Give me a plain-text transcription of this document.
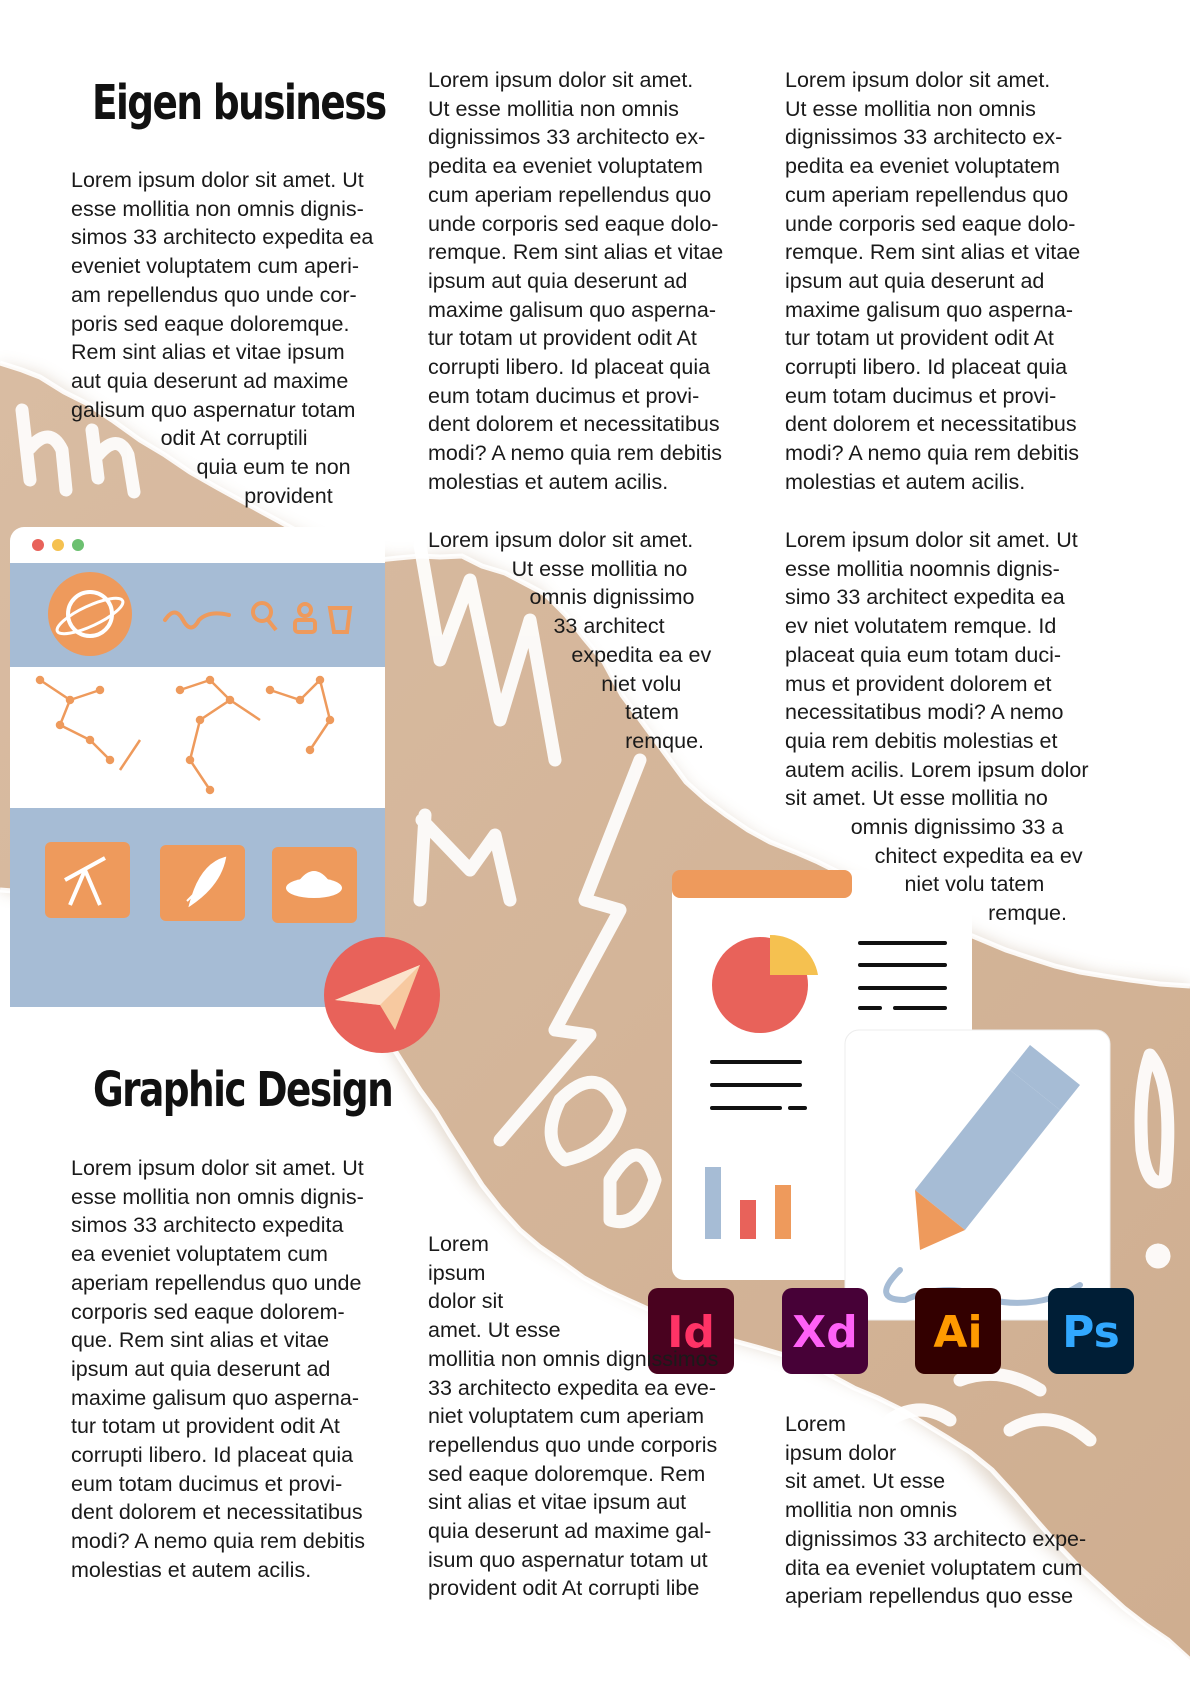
Id Xd Ai Ps
Eigen business
Graphic Design

Lorem ipsum dolor sit amet. Ut
esse mollitia non omnis dignis-
simos 33 architecto expedita ea
eveniet voluptatem cum aperi-
am repellendus quo unde cor-
poris sed eaque doloremque.
Rem sint alias et vitae ipsum
aut quia deserunt ad maxime
galisum quo aspernatur totam
odit At corruptili
quia eum te non
provident

Lorem ipsum dolor sit amet.
Ut esse mollitia non omnis
dignissimos 33 architecto ex-
pedita ea eveniet voluptatem
cum aperiam repellendus quo
unde corporis sed eaque dolo-
remque. Rem sint alias et vitae
ipsum aut quia deserunt ad
maxime galisum quo asperna-
tur totam ut provident odit At
corrupti libero. Id placeat quia
eum totam ducimus et provi-
dent dolorem et necessitatibus
modi? A nemo quia rem debitis
molestias et autem acilis.

Lorem ipsum dolor sit amet.
Ut esse mollitia no
omnis dignissimo
33 architect
expedita ea ev
niet volu
tatem
remque.

Lorem ipsum dolor sit amet.
Ut esse mollitia non omnis
dignissimos 33 architecto ex-
pedita ea eveniet voluptatem
cum aperiam repellendus quo
unde corporis sed eaque dolo-
remque. Rem sint alias et vitae
ipsum aut quia deserunt ad
maxime galisum quo asperna-
tur totam ut provident odit At
corrupti libero. Id placeat quia
eum totam ducimus et provi-
dent dolorem et necessitatibus
modi? A nemo quia rem debitis
molestias et autem acilis.

Lorem ipsum dolor sit amet. Ut
esse mollitia noomnis dignis-
simo 33 architect expedita ea
ev niet volutatem remque. Id
placeat quia eum totam duci-
mus et provident dolorem et
necessitatibus modi? A nemo
quia rem debitis molestias et
autem acilis. Lorem ipsum dolor
sit amet. Ut esse mollitia no
omnis dignissimo 33 a
chitect expedita ea ev
niet volu tatem
remque.

Lorem ipsum dolor sit amet. Ut
esse mollitia non omnis dignis-
simos 33 architecto expedita
ea eveniet voluptatem cum
aperiam repellendus quo unde
corporis sed eaque dolorem-
que. Rem sint alias et vitae
ipsum aut quia deserunt ad
maxime galisum quo asperna-
tur totam ut provident odit At
corrupti libero. Id placeat quia
eum totam ducimus et provi-
dent dolorem et necessitatibus
modi? A nemo quia rem debitis
molestias et autem acilis.

Lorem
ipsum
dolor sit
amet. Ut esse
mollitia non omnis dignissimos
33 architecto expedita ea eve-
niet voluptatem cum aperiam
repellendus quo unde corporis
sed eaque doloremque. Rem
sint alias et vitae ipsum aut
quia deserunt ad maxime gal-
isum quo aspernatur totam ut
provident odit At corrupti libe

Lorem
ipsum dolor
sit amet. Ut esse
mollitia non omnis
dignissimos 33 architecto expe-
dita ea eveniet voluptatem cum
aperiam repellendus quo esse
